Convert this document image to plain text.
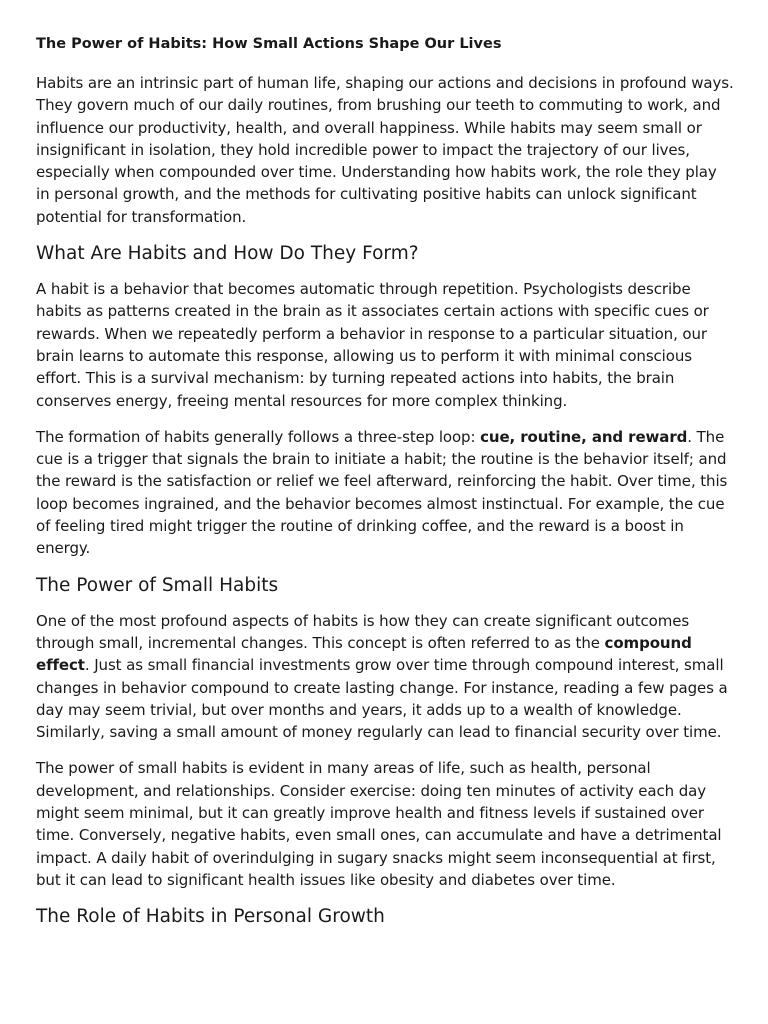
The Power of Habits: How Small Actions Shape Our Lives

Habits are an intrinsic part of human life, shaping our actions and decisions in profound ways. They govern much of our daily routines, from brushing our teeth to commuting to work, and influence our productivity, health, and overall happiness. While habits may seem small or insignificant in isolation, they hold incredible power to impact the trajectory of our lives, especially when compounded over time. Understanding how habits work, the role they play in personal growth, and the methods for cultivating positive habits can unlock significant potential for transformation.

What Are Habits and How Do They Form?

A habit is a behavior that becomes automatic through repetition. Psychologists describe habits as patterns created in the brain as it associates certain actions with specific cues or rewards. When we repeatedly perform a behavior in response to a particular situation, our brain learns to automate this response, allowing us to perform it with minimal conscious effort. This is a survival mechanism: by turning repeated actions into habits, the brain conserves energy, freeing mental resources for more complex thinking.

The formation of habits generally follows a three-step loop: cue, routine, and reward. The cue is a trigger that signals the brain to initiate a habit; the routine is the behavior itself; and the reward is the satisfaction or relief we feel afterward, reinforcing the habit. Over time, this loop becomes ingrained, and the behavior becomes almost instinctual. For example, the cue of feeling tired might trigger the routine of drinking coffee, and the reward is a boost in energy.

The Power of Small Habits

One of the most profound aspects of habits is how they can create significant outcomes through small, incremental changes. This concept is often referred to as the compound effect. Just as small financial investments grow over time through compound interest, small changes in behavior compound to create lasting change. For instance, reading a few pages a day may seem trivial, but over months and years, it adds up to a wealth of knowledge. Similarly, saving a small amount of money regularly can lead to financial security over time.

The power of small habits is evident in many areas of life, such as health, personal development, and relationships. Consider exercise: doing ten minutes of activity each day might seem minimal, but it can greatly improve health and fitness levels if sustained over time. Conversely, negative habits, even small ones, can accumulate and have a detrimental impact. A daily habit of overindulging in sugary snacks might seem inconsequential at first, but it can lead to significant health issues like obesity and diabetes over time.

The Role of Habits in Personal Growth
